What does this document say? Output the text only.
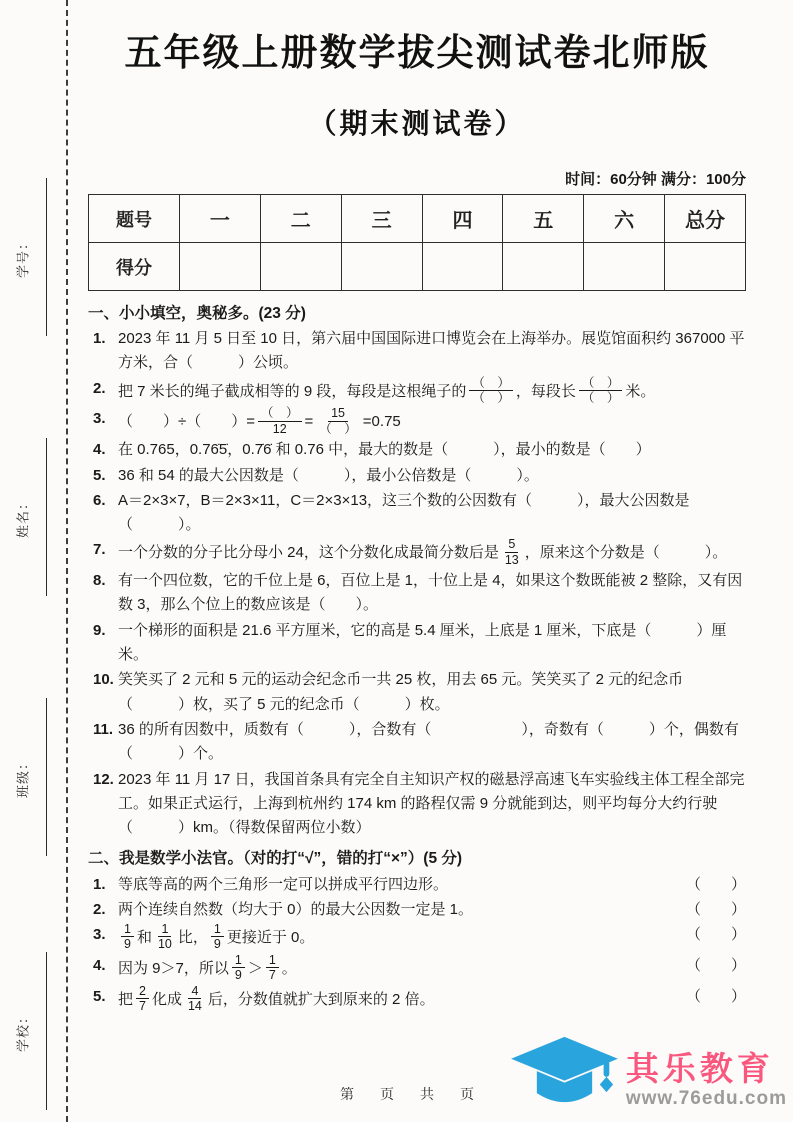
学号：
姓名：
班级：
学校：
五年级上册数学拔尖测试卷北师版
（期末测试卷）
时间：60分钟 满分：100分
题号	一	二	三	四	五	六	总分
得分							
一、小小填空，奥秘多。(23 分)
1. 2023 年 11 月 5 日至 10 日，第六届中国国际进口博览会在上海举办。展览馆面积约 367000 平方米，合（　　　）公顷。
2. 把 7 米长的绳子截成相等的 9 段，每段是这根绳子的 $\frac{( )}{( )}$ ，每段长 $\frac{( )}{( )}$ 米。
3. （　　）÷（　　）= $\frac{( )}{12} = \frac{15}{( )} =0.75$
4. 在 0.765，0.76̇5̇，0.7̇6̇ 和 0.76 中，最大的数是（　　　），最小的数是（　　）
5. 36 和 54 的最大公因数是（　　　），最小公倍数是（　　　）。
6. A＝2×3×7，B＝2×3×11，C＝2×3×13，这三个数的公因数有（　　　），最大公因数是（　　　）。
7. 一个分数的分子比分母小 24，这个分数化成最简分数后是 $\frac{5}{13}$ ，原来这个分数是（　　　）。
8. 有一个四位数，它的千位上是 6，百位上是 1，十位上是 4，如果这个数既能被 2 整除，又有因数 3，那么个位上的数应该是（　　）。
9. 一个梯形的面积是 21.6 平方厘米，它的高是 5.4 厘米，上底是 1 厘米，下底是（　　　）厘米。
10. 笑笑买了 2 元和 5 元的运动会纪念币一共 25 枚，用去 65 元。笑笑买了 2 元的纪念币（　　　）枚，买了 5 元的纪念币（　　　）枚。
11. 36 的所有因数中，质数有（　　　），合数有（　　　　　　），奇数有（　　　）个，偶数有（　　　）个。
12. 2023 年 11 月 17 日，我国首条具有完全自主知识产权的磁悬浮高速飞车实验线主体工程全部完工。如果正式运行，上海到杭州约 174 km 的路程仅需 9 分就能到达，则平均每分大约行驶（　　　）km。（得数保留两位小数）
二、我是数学小法官。（对的打“√”，错的打“×”）(5 分)
1. 等底等高的两个三角形一定可以拼成平行四边形。	（　　）
2. 两个连续自然数（均大于 0）的最大公因数一定是 1。	（　　）
3.	$\frac{1}{9}$ 和 $\frac{1}{10}$ 比， $\frac{1}{9}$ 更接近于 0。	（　　）
4. 因为 9＞7，所以 $\frac{1}{9} > \frac{1}{7}$ 。	（　　）
5. 把 $\frac{2}{7}$ 化成 $\frac{4}{14}$ 后，分数值就扩大到原来的 2 倍。	（　　）
第　页　共　页
其乐教育
www.76edu.com
